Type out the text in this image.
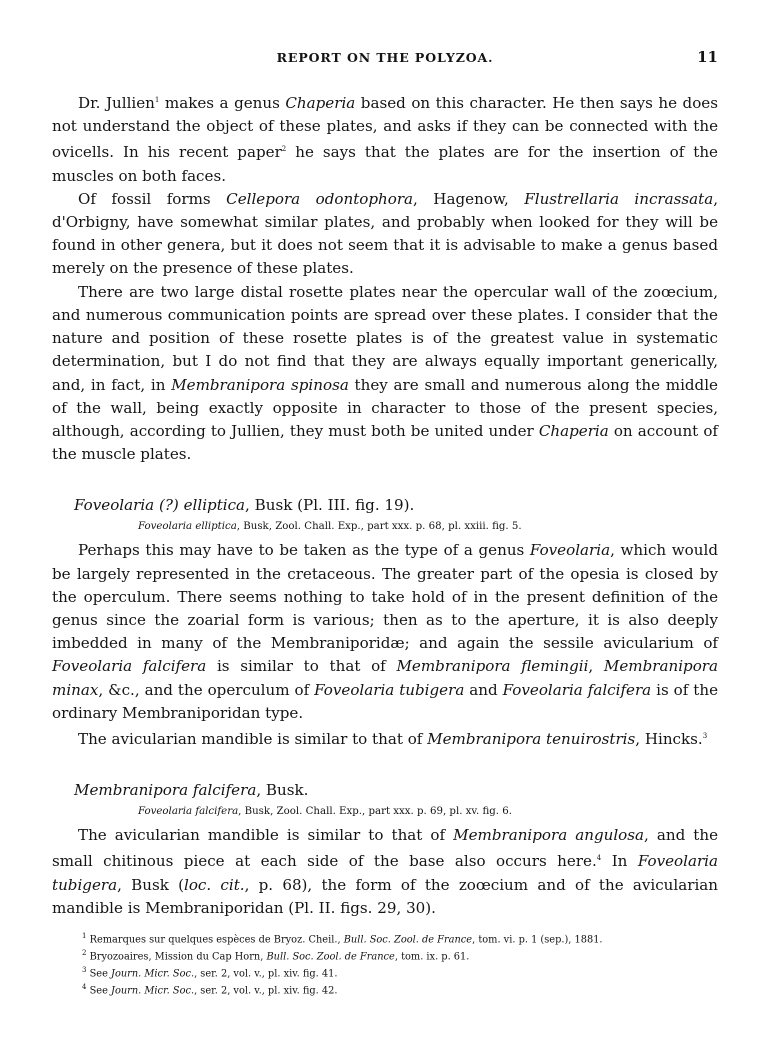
REPORT ON THE POLYZOA.	11

Dr. Jullien$^1$ makes a genus Chaperia based on this character. He then says he does not understand the object of these plates, and asks if they can be connected with the ovicells. In his recent paper$^2$ he says that the plates are for the insertion of the muscles on both faces.

Of fossil forms Cellepora odontophora, Hagenow, Flustrellaria incrassata, d'Orbigny, have somewhat similar plates, and probably when looked for they will be found in other genera, but it does not seem that it is advisable to make a genus based merely on the presence of these plates.

There are two large distal rosette plates near the opercular wall of the zoœcium, and numerous communication points are spread over these plates. I consider that the nature and position of these rosette plates is of the greatest value in systematic determination, but I do not find that they are always equally important generically, and, in fact, in Membranipora spinosa they are small and numerous along the middle of the wall, being exactly opposite in character to those of the present species, although, according to Jullien, they must both be united under Chaperia on account of the muscle plates.

Foveolaria (?) elliptica, Busk (Pl. III. fig. 19).
Foveolaria elliptica, Busk, Zool. Chall. Exp., part xxx. p. 68, pl. xxiii. fig. 5.

Perhaps this may have to be taken as the type of a genus Foveolaria, which would be largely represented in the cretaceous. The greater part of the opesia is closed by the operculum. There seems nothing to take hold of in the present definition of the genus since the zoarial form is various; then as to the aperture, it is also deeply imbedded in many of the Membraniporidæ; and again the sessile avicularium of Foveolaria falcifera is similar to that of Membranipora flemingii, Membranipora minax, &c., and the operculum of Foveolaria tubigera and Foveolaria falcifera is of the ordinary Membraniporidan type.

The avicularian mandible is similar to that of Membranipora tenuirostris, Hincks.$^3$

Membranipora falcifera, Busk.
Foveolaria falcifera, Busk, Zool. Chall. Exp., part xxx. p. 69, pl. xv. fig. 6.

The avicularian mandible is similar to that of Membranipora angulosa, and the small chitinous piece at each side of the base also occurs here.$^4$ In Foveolaria tubigera, Busk (loc. cit., p. 68), the form of the zoœcium and of the avicularian mandible is Membraniporidan (Pl. II. figs. 29, 30).

$^1$ Remarques sur quelques espèces de Bryoz. Cheil., Bull. Soc. Zool. de France, tom. vi. p. 1 (sep.), 1881.
$^2$ Bryozoaires, Mission du Cap Horn, Bull. Soc. Zool. de France, tom. ix. p. 61.
$^3$ See Journ. Micr. Soc., ser. 2, vol. v., pl. xiv. fig. 41.
$^4$ See Journ. Micr. Soc., ser. 2, vol. v., pl. xiv. fig. 42.
